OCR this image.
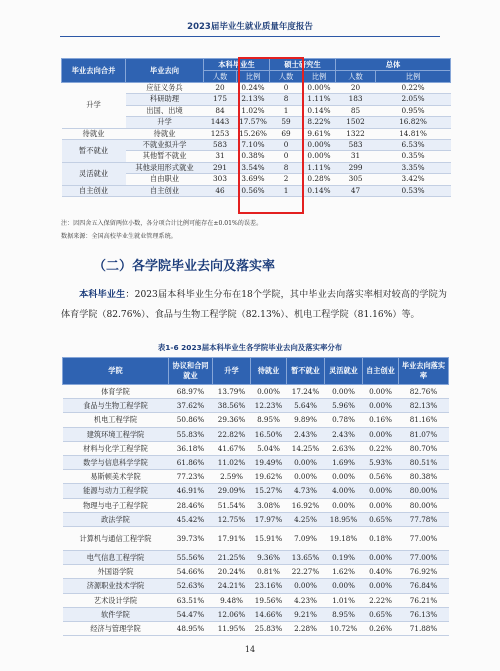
2023届毕业生就业质量年度报告
毕业去向合并	毕业去向	本科毕业生		硕士研究生		总体	
		人数	比例	人数	比例	人数	比例
升学	应征义务兵	20	0.24%	0	0.00%	20	0.22%
	科研助理	175	2.13%	8	1.11%	183	2.05%
	出国、出境	84	1.02%	1	0.14%	85	0.95%
	升学	1443	17.57%	59	8.22%	1502	16.82%
待就业	待就业	1253	15.26%	69	9.61%	1322	14.81%
暂不就业	不就业拟升学	583	7.10%	0	0.00%	583	6.53%
	其他暂不就业	31	0.38%	0	0.00%	31	0.35%
灵活就业	其他录用形式就业	291	3.54%	8	1.11%	299	3.35%
	自由职业	303	3.69%	2	0.28%	305	3.42%
自主创业	自主创业	46	0.56%	1	0.14%	47	0.53%
注：因四舍五入保留两位小数，各分项合计比例可能存在±0.01%的误差。
数据来源：全国高校毕业生就业管理系统。
（二）各学院毕业去向及落实率
本科毕业生：2023届本科毕业生分布在18个学院，其中毕业去向落实率相对较高的学院为体育学院（82.76%）、食品与生物工程学院（82.13%）、机电工程学院（81.16%）等。
表1-6 2023届本科毕业生各学院毕业去向及落实率分布
学院	协议和合同就业	升学	待就业	暂不就业	灵活就业	自主创业	毕业去向落实率
体育学院	68.97%	13.79%	0.00%	17.24%	0.00%	0.00%	82.76%
食品与生物工程学院	37.62%	38.56%	12.23%	5.64%	5.96%	0.00%	82.13%
机电工程学院	50.86%	29.36%	8.95%	9.89%	0.78%	0.16%	81.16%
建筑环境工程学院	55.83%	22.82%	16.50%	2.43%	2.43%	0.00%	81.07%
材料与化学工程学院	36.18%	41.67%	5.04%	14.25%	2.63%	0.22%	80.70%
数学与信息科学学院	61.86%	11.02%	19.49%	0.00%	1.69%	5.93%	80.51%
易斯顿美术学院	77.23%	2.59%	19.62%	0.00%	0.00%	0.56%	80.38%
能源与动力工程学院	46.91%	29.09%	15.27%	4.73%	4.00%	0.00%	80.00%
物理与电子工程学院	28.46%	51.54%	3.08%	16.92%	0.00%	0.00%	80.00%
政法学院	45.42%	12.75%	17.97%	4.25%	18.95%	0.65%	77.78%
计算机与通信工程学院	39.73%	17.91%	15.91%	7.09%	19.18%	0.18%	77.00%
电气信息工程学院	55.56%	21.25%	9.36%	13.65%	0.19%	0.00%	77.00%
外国语学院	54.66%	20.24%	0.81%	22.27%	1.62%	0.40%	76.92%
济源职业技术学院	52.63%	24.21%	23.16%	0.00%	0.00%	0.00%	76.84%
艺术设计学院	63.51%	9.48%	19.56%	4.23%	1.01%	2.22%	76.21%
软件学院	54.47%	12.06%	14.66%	9.21%	8.95%	0.65%	76.13%
经济与管理学院	48.95%	11.95%	25.83%	2.28%	10.72%	0.26%	71.88%
14
